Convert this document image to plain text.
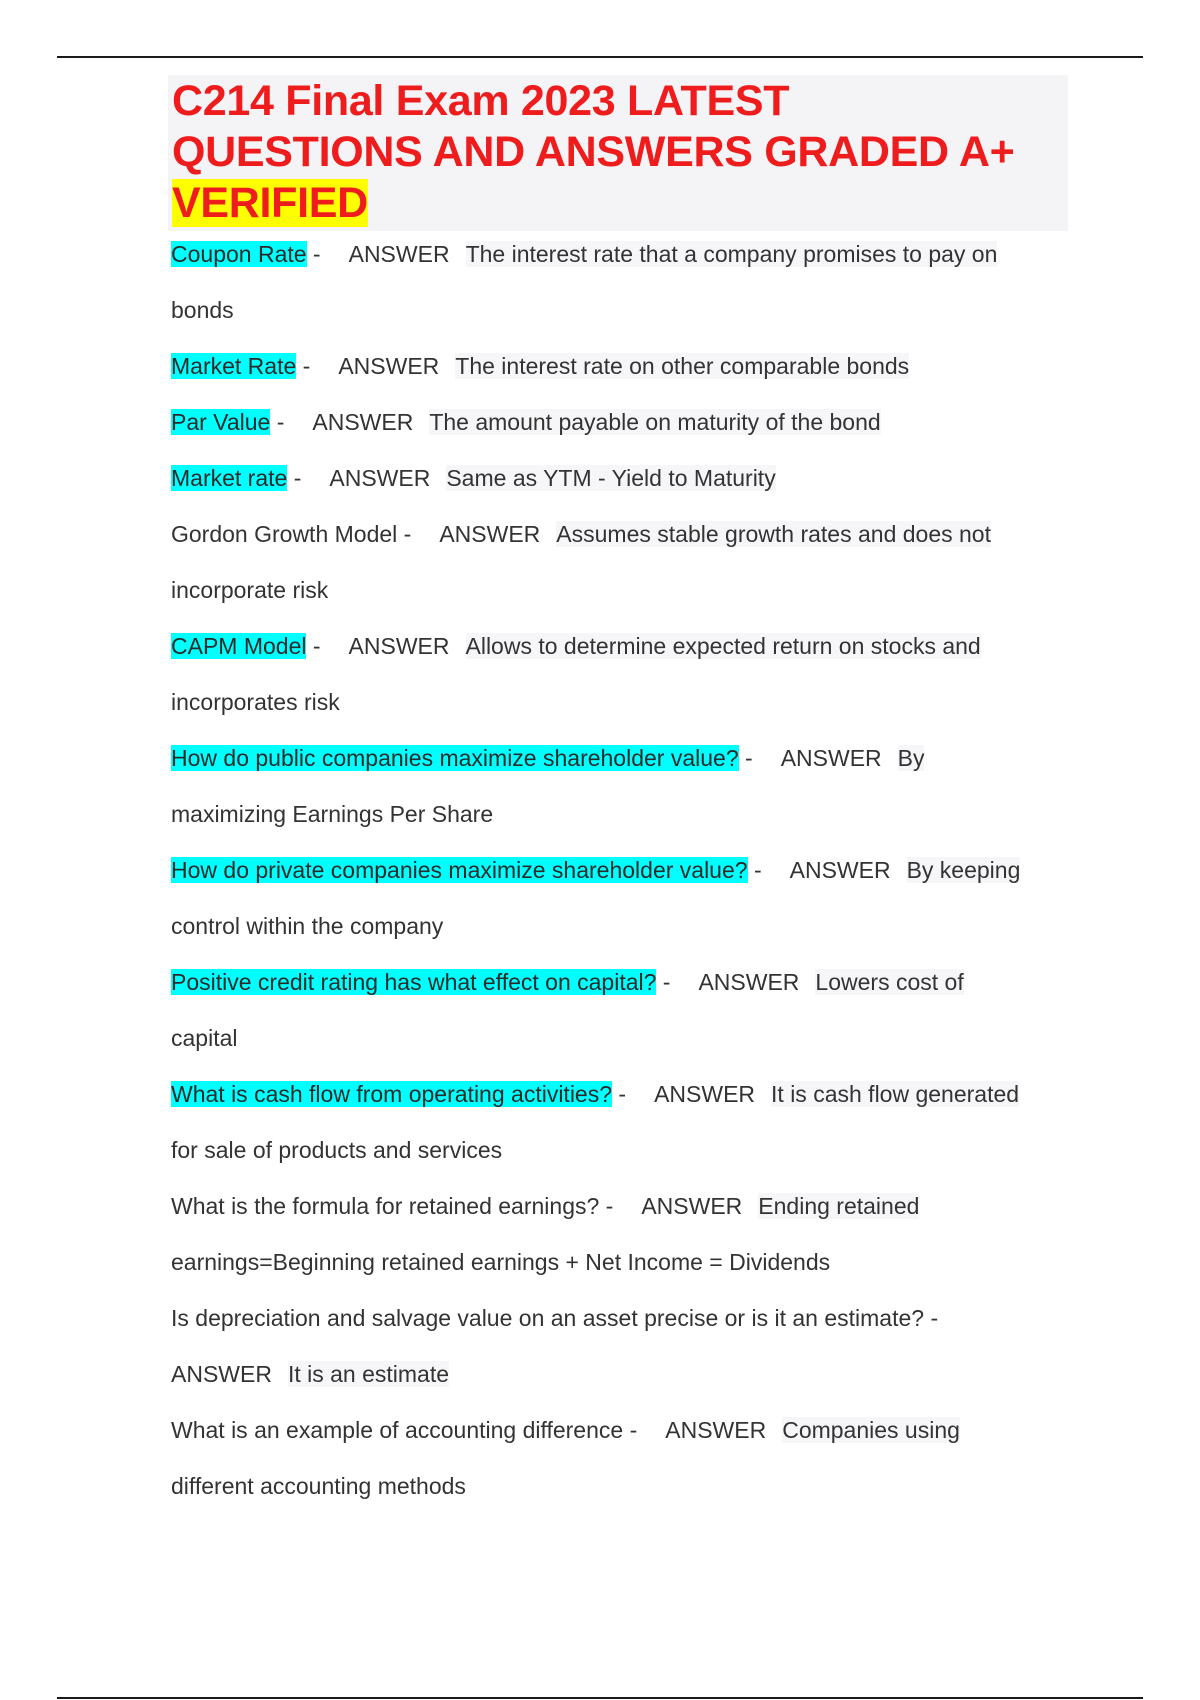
C214 Final Exam 2023 LATEST
QUESTIONS AND ANSWERS GRADED A+
VERIFIED

Coupon Rate - ANSWER The interest rate that a company promises to pay on
bonds

Market Rate - ANSWER The interest rate on other comparable bonds

Par Value - ANSWER The amount payable on maturity of the bond

Market rate - ANSWER Same as YTM - Yield to Maturity

Gordon Growth Model - ANSWER Assumes stable growth rates and does not
incorporate risk

CAPM Model - ANSWER Allows to determine expected return on stocks and
incorporates risk

How do public companies maximize shareholder value? - ANSWER By
maximizing Earnings Per Share

How do private companies maximize shareholder value? - ANSWER By keeping
control within the company

Positive credit rating has what effect on capital? - ANSWER Lowers cost of
capital

What is cash flow from operating activities? - ANSWER It is cash flow generated
for sale of products and services

What is the formula for retained earnings? - ANSWER Ending retained
earnings=Beginning retained earnings + Net Income = Dividends

Is depreciation and salvage value on an asset precise or is it an estimate? -
ANSWER It is an estimate

What is an example of accounting difference - ANSWER Companies using
different accounting methods
